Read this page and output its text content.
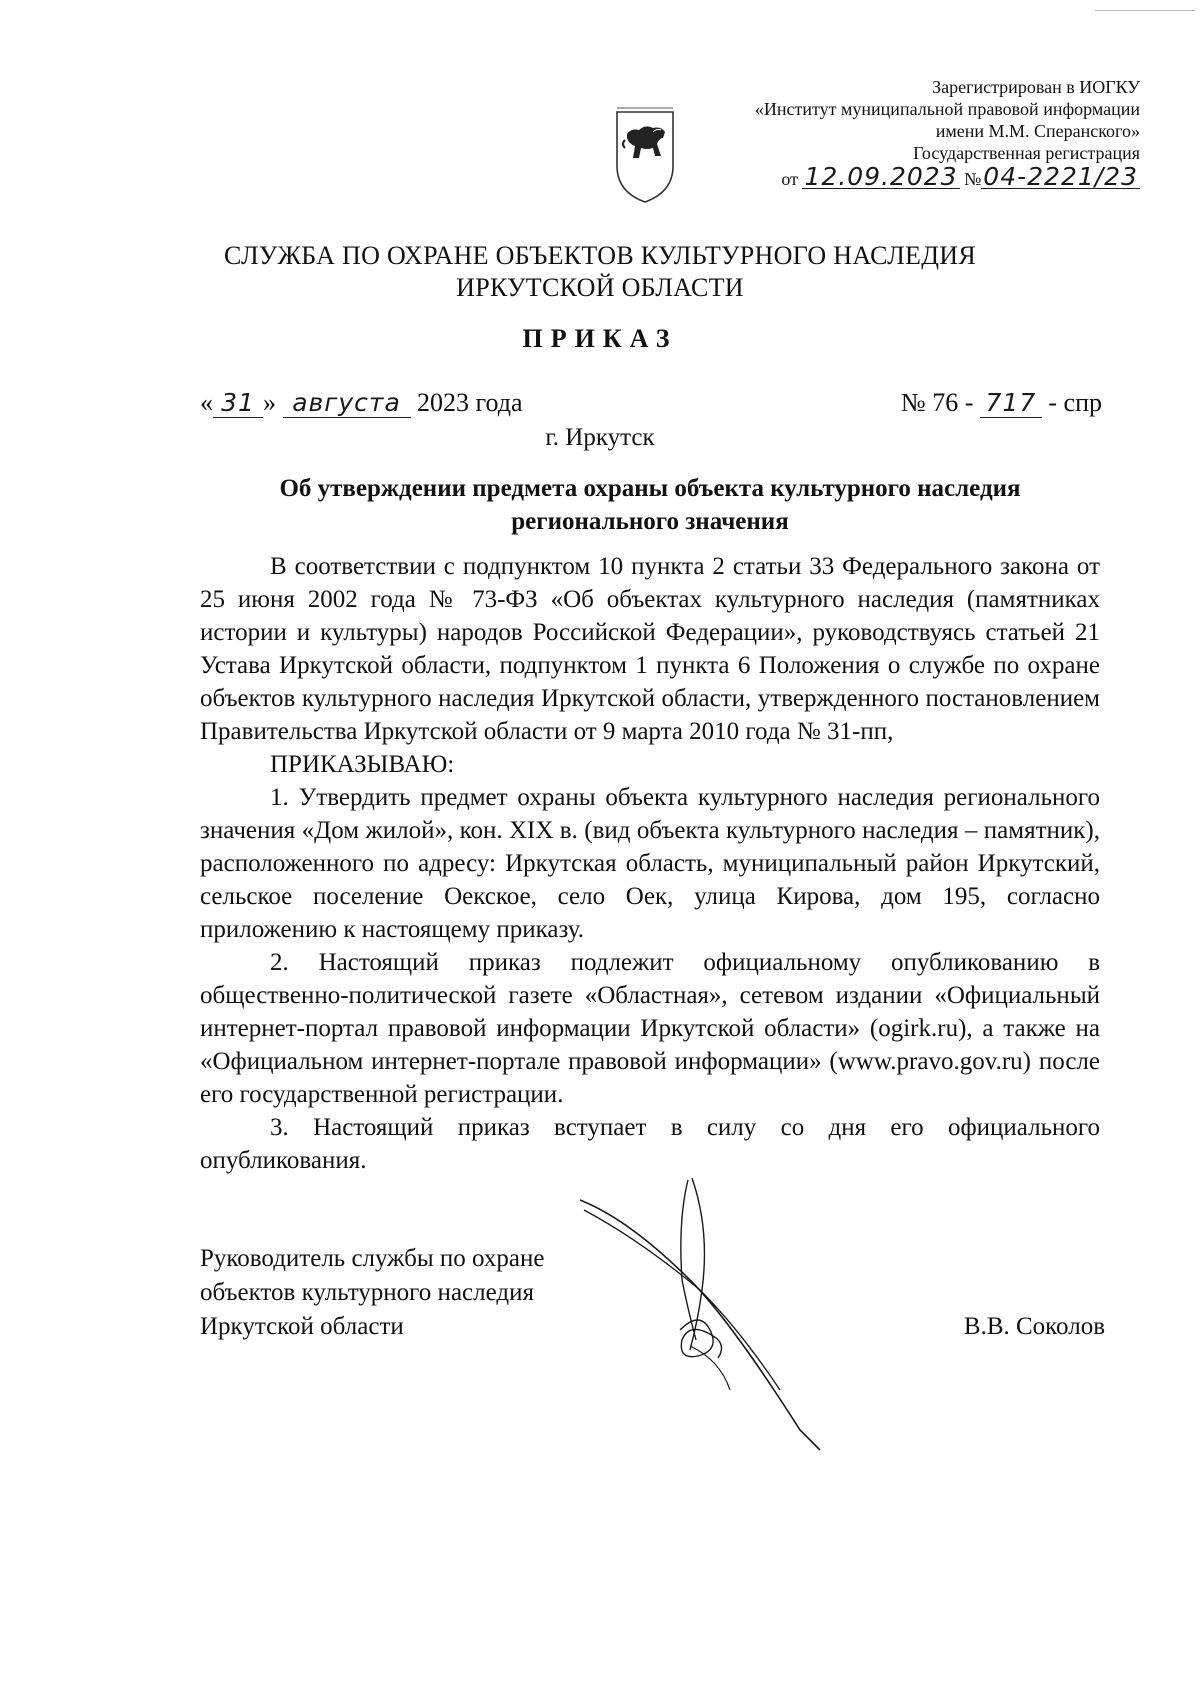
Зарегистрирован в ИОГКУ
«Институт муниципальной правовой информации
имени М.М. Сперанского»
Государственная регистрация
от 12.09.2023 №04-2221/23
СЛУЖБА ПО ОХРАНЕ ОБЪЕКТОВ КУЛЬТУРНОГО НАСЛЕДИЯ
ИРКУТСКОЙ ОБЛАСТИ
ПРИКАЗ
« 31 » августа 2023 года	№ 76 - 717 - спр
г. Иркутск
Об утверждении предмета охраны объекта культурного наследия
регионального значения

В соответствии с подпунктом 10 пункта 2 статьи 33 Федерального закона от 25 июня 2002 года № 73-ФЗ «Об объектах культурного наследия (памятниках истории и культуры) народов Российской Федерации», руководствуясь статьей 21 Устава Иркутской области, подпунктом 1 пункта 6 Положения о службе по охране объектов культурного наследия Иркутской области, утвержденного постановлением Правительства Иркутской области от 9 марта 2010 года № 31-пп,

ПРИКАЗЫВАЮ:

1. Утвердить предмет охраны объекта культурного наследия регионального значения «Дом жилой», кон. XIX в. (вид объекта культурного наследия – памятник), расположенного по адресу: Иркутская область, муниципальный район Иркутский, сельское поселение Оекское, село Оек, улица Кирова, дом 195, согласно приложению к настоящему приказу.

2. Настоящий приказ подлежит официальному опубликованию в общественно-политической газете «Областная», сетевом издании «Официальный интернет-портал правовой информации Иркутской области» (ogirk.ru), а также на «Официальном интернет-портале правовой информации» (www.pravo.gov.ru) после его государственной регистрации.

3. Настоящий приказ вступает в силу со дня его официального опубликования.

Руководитель службы по охране
объектов культурного наследия
Иркутской области	В.В. Соколов
